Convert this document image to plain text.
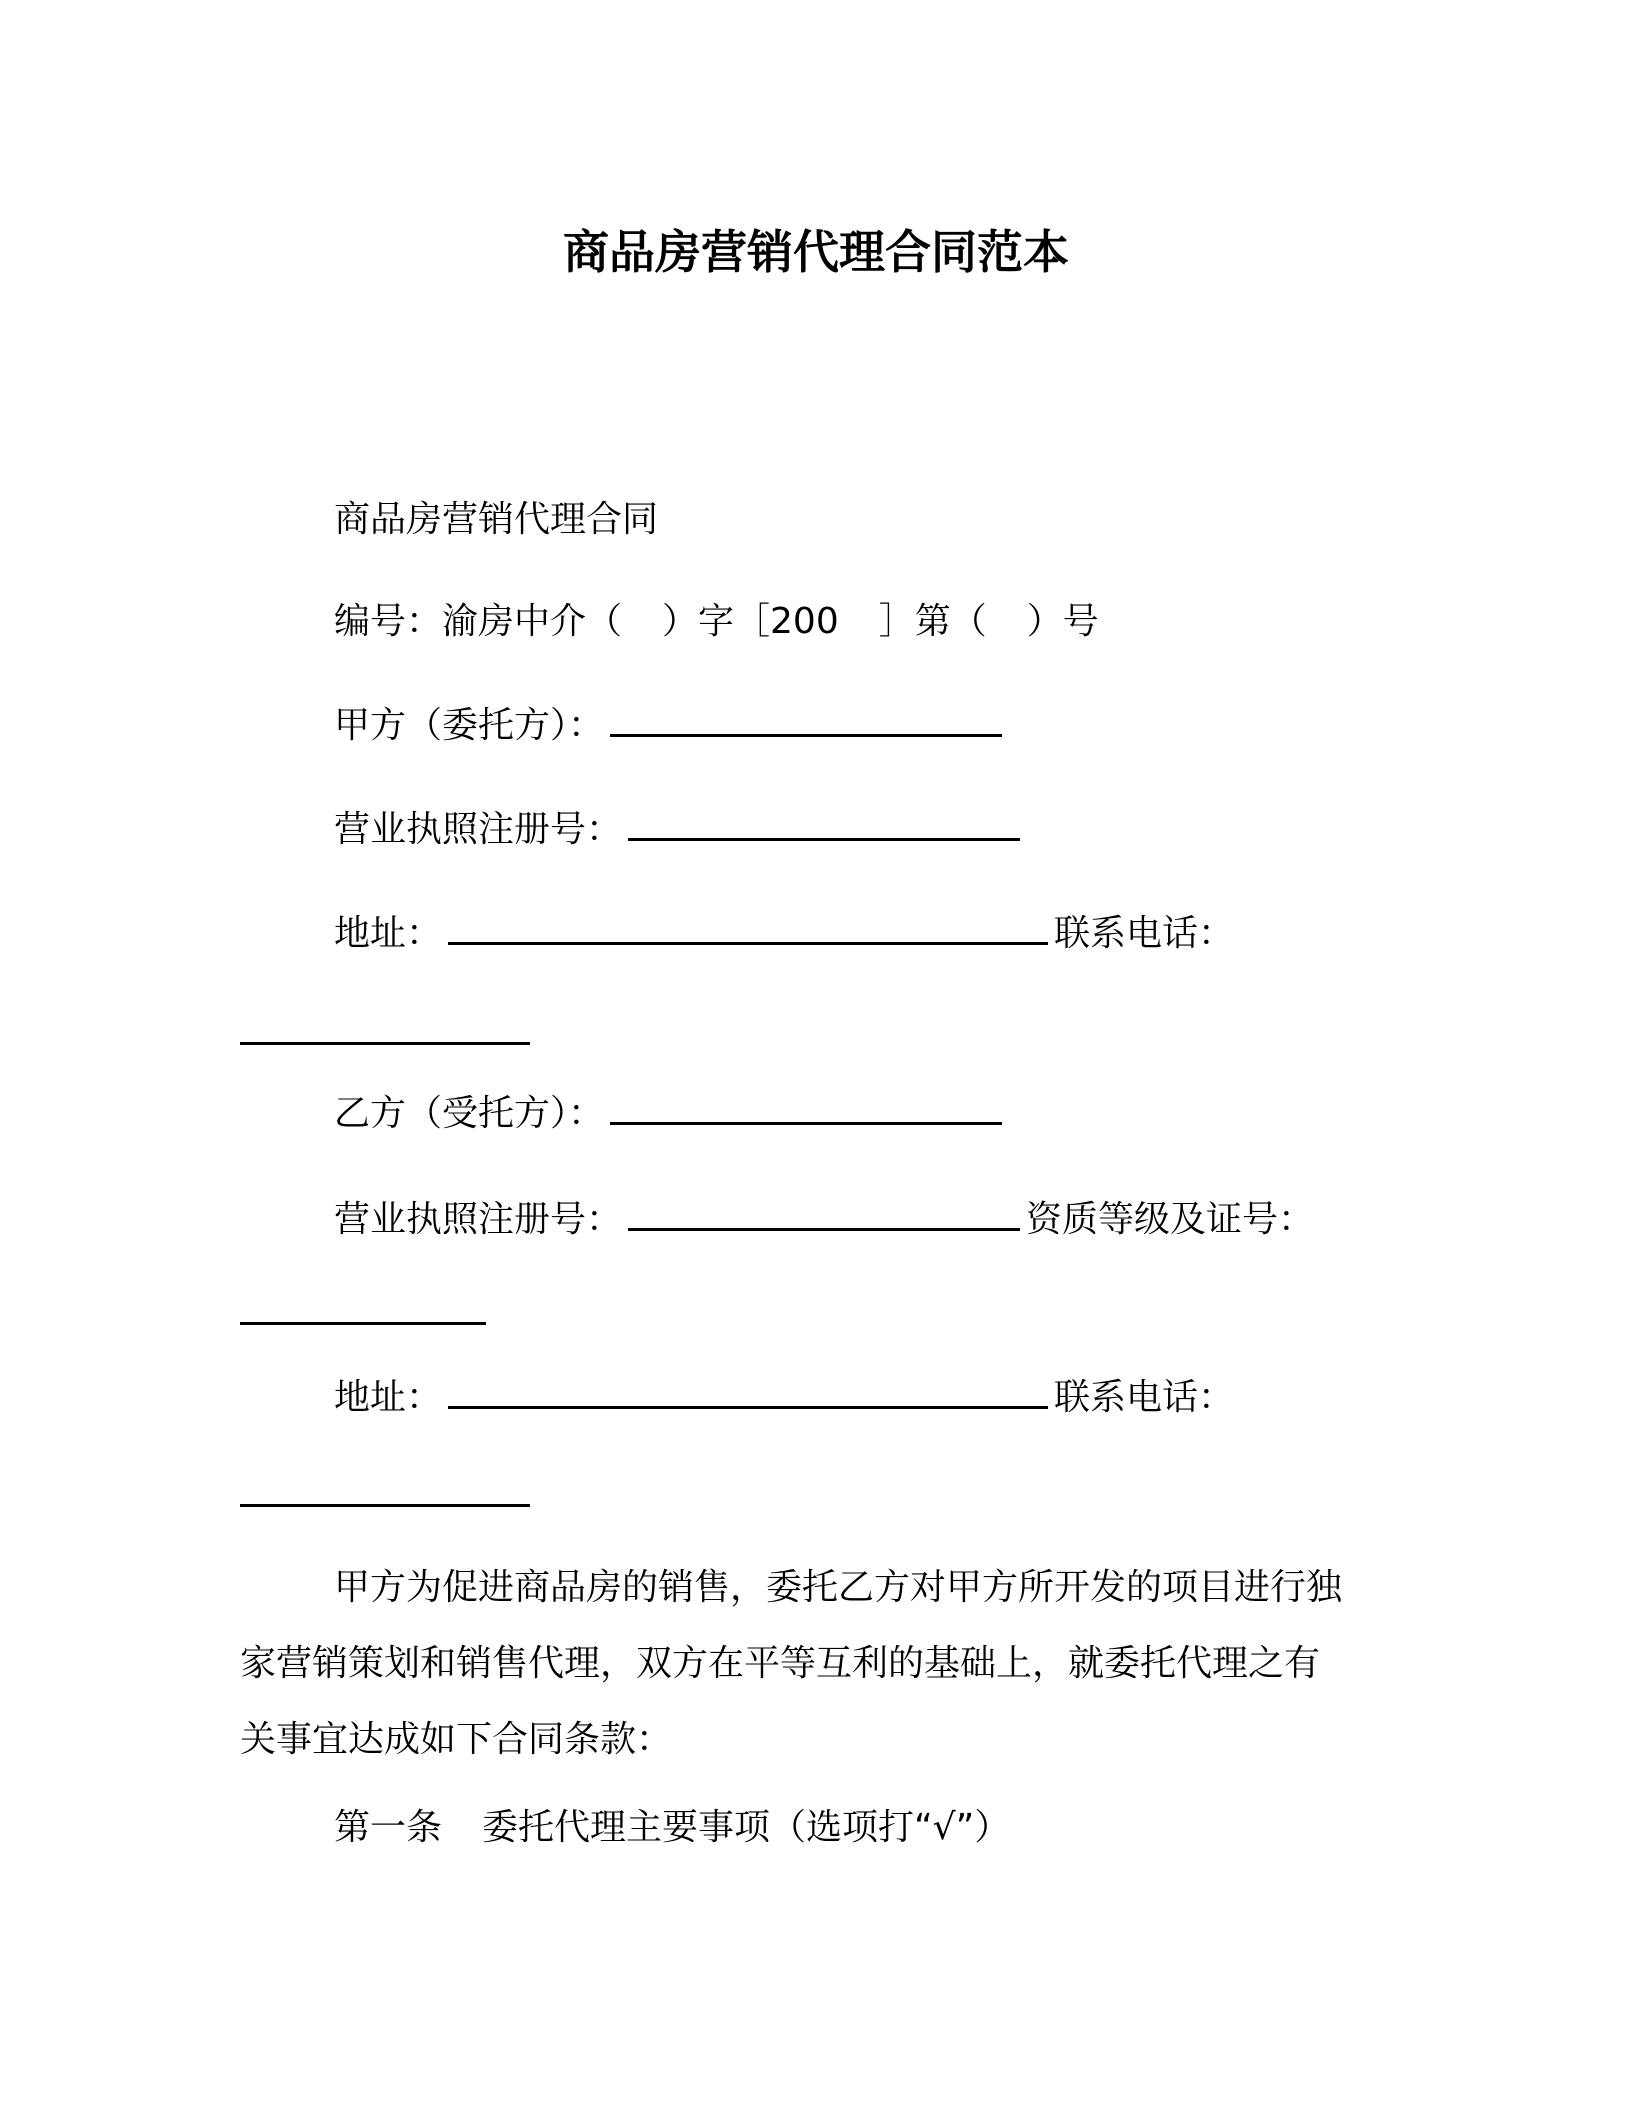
商品房营销代理合同范本
商品房营销代理合同
编号：渝房中介（ ）字［200 ］第（ ）号
甲方（委托方）：
营业执照注册号：
地址：	联系电话：
乙方（受托方）：
营业执照注册号：	资质等级及证号：
地址：	联系电话：
甲方为促进商品房的销售，委托乙方对甲方所开发的项目进行独
家营销策划和销售代理，双方在平等互利的基础上，就委托代理之有
关事宜达成如下合同条款：
第一条 委托代理主要事项（选项打“√”）
